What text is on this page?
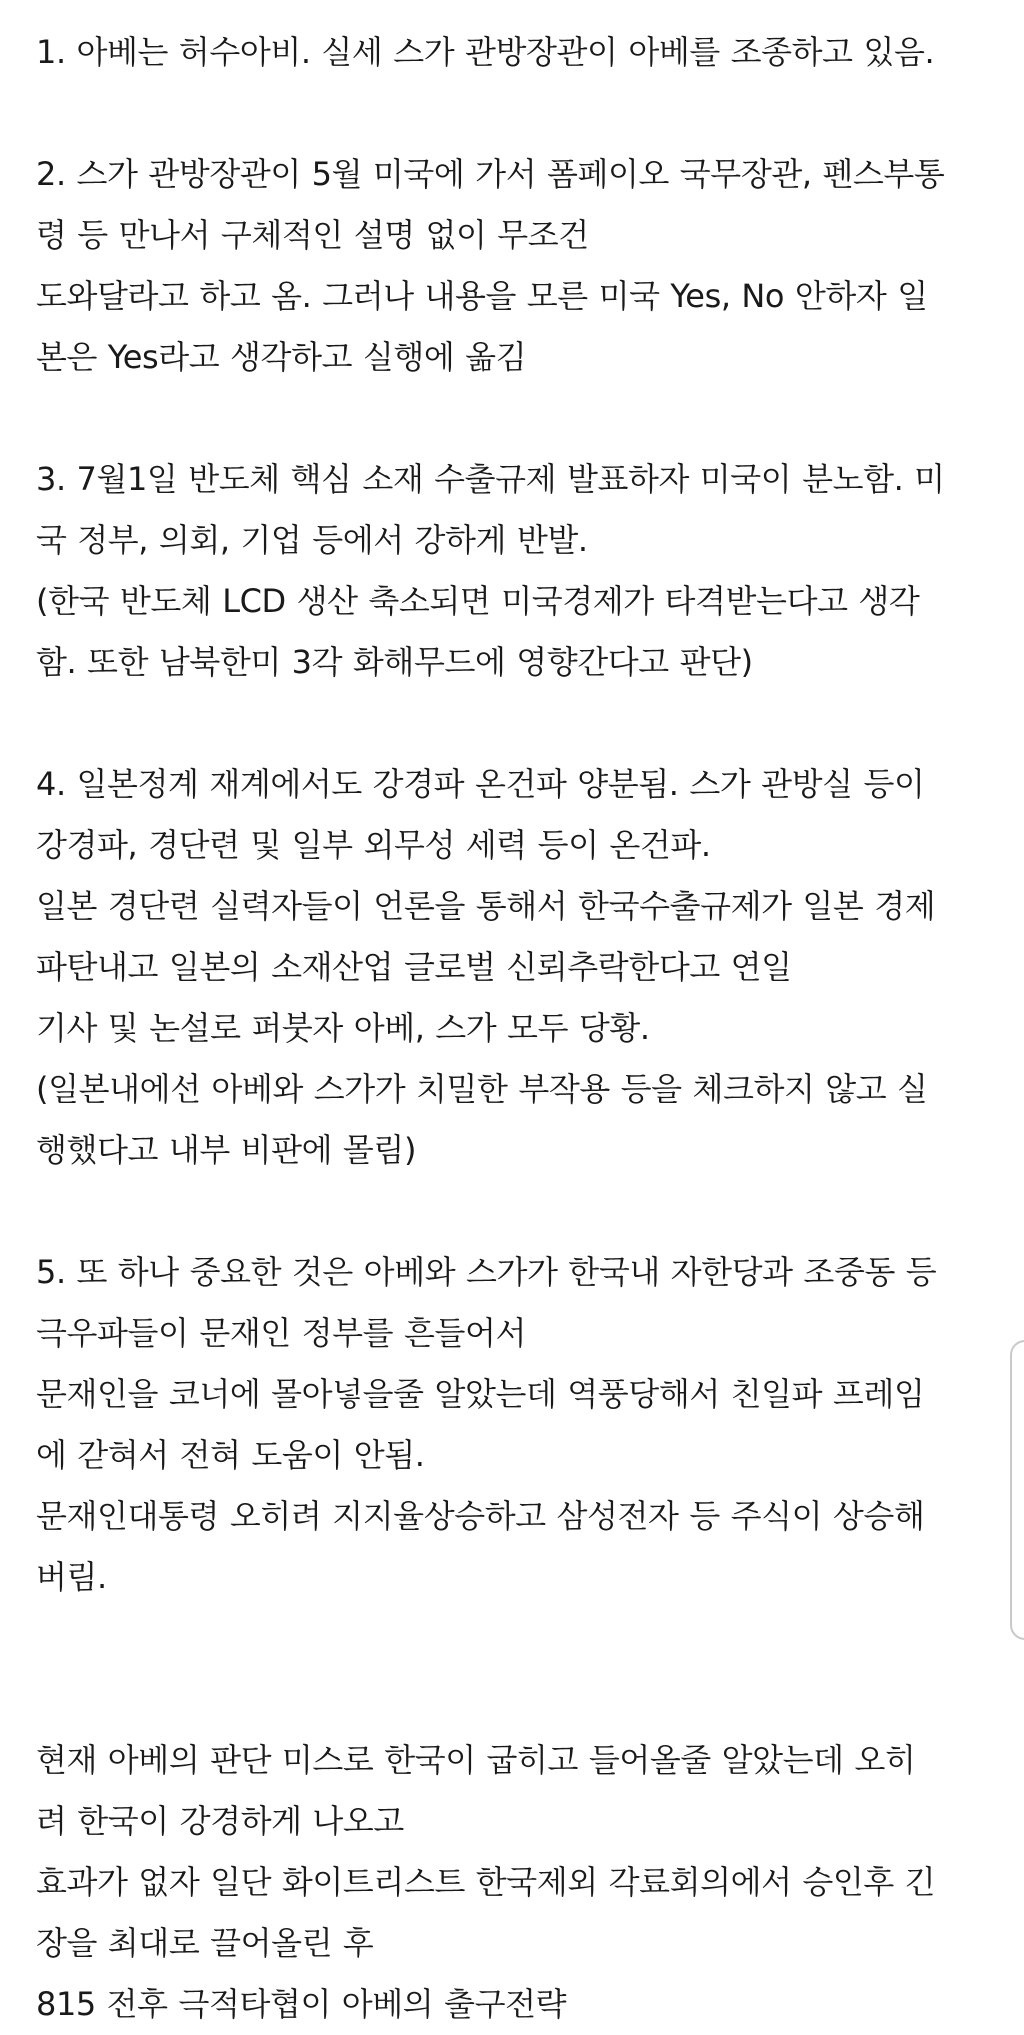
1. 아베는 허수아비. 실세 스가 관방장관이 아베를 조종하고 있음.
2. 스가 관방장관이 5월 미국에 가서 폼페이오 국무장관, 펜스부통
령 등 만나서 구체적인 설명 없이 무조건
도와달라고 하고 옴. 그러나 내용을 모른 미국 Yes, No 안하자 일
본은 Yes라고 생각하고 실행에 옮김
3. 7월1일 반도체 핵심 소재 수출규제 발표하자 미국이 분노함. 미
국 정부, 의회, 기업 등에서 강하게 반발.
(한국 반도체 LCD 생산 축소되면 미국경제가 타격받는다고 생각
함. 또한 남북한미 3각 화해무드에 영향간다고 판단)
4. 일본정계 재계에서도 강경파 온건파 양분됨. 스가 관방실 등이
강경파, 경단련 및 일부 외무성 세력 등이 온건파.
일본 경단련 실력자들이 언론을 통해서 한국수출규제가 일본 경제
파탄내고 일본의 소재산업 글로벌 신뢰추락한다고 연일
기사 및 논설로 퍼붓자 아베, 스가 모두 당황.
(일본내에선 아베와 스가가 치밀한 부작용 등을 체크하지 않고 실
행했다고 내부 비판에 몰림)
5. 또 하나 중요한 것은 아베와 스가가 한국내 자한당과 조중동 등
극우파들이 문재인 정부를 흔들어서
문재인을 코너에 몰아넣을줄 알았는데 역풍당해서 친일파 프레임
에 갇혀서 전혀 도움이 안됨.
문재인대통령 오히려 지지율상승하고 삼성전자 등 주식이 상승해
버림.
현재 아베의 판단 미스로 한국이 굽히고 들어올줄 알았는데 오히
려 한국이 강경하게 나오고
효과가 없자 일단 화이트리스트 한국제외 각료회의에서 승인후 긴
장을 최대로 끌어올린 후
815 전후 극적타협이 아베의 출구전략
